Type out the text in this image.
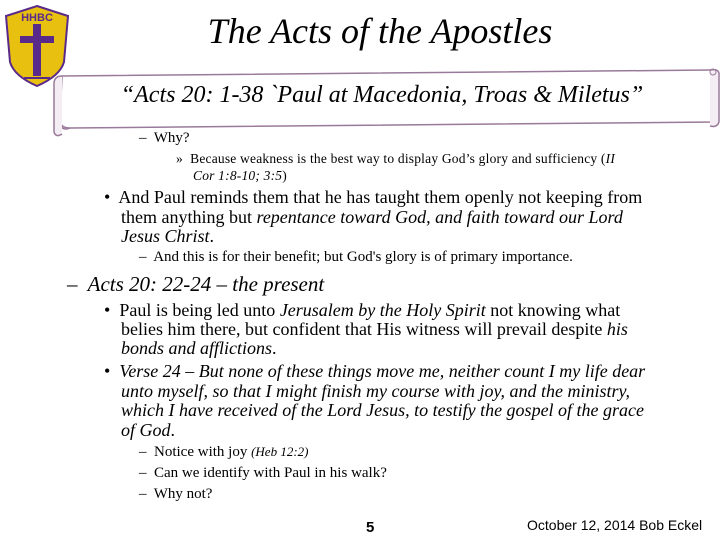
HHBC	The Acts of the Apostles
“Acts 20: 1-38 `Paul at Macedonia, Troas & Miletus”
– Why?
» Because weakness is the best way to display God’s glory and sufficiency (II
Cor 1:8-10; 3:5)
• And Paul reminds them that he has taught them openly not keeping from
them anything but repentance toward God, and faith toward our Lord
Jesus Christ.
– And this is for their benefit; but God's glory is of primary importance.
– Acts 20: 22-24 – the present
• Paul is being led unto Jerusalem by the Holy Spirit not knowing what
belies him there, but confident that His witness will prevail despite his
bonds and afflictions.
• Verse 24 – But none of these things move me, neither count I my life dear
unto myself, so that I might finish my course with joy, and the ministry,
which I have received of the Lord Jesus, to testify the gospel of the grace
of God.
– Notice with joy (Heb 12:2)
– Can we identify with Paul in his walk?
– Why not?
5	October 12, 2014 Bob Eckel
